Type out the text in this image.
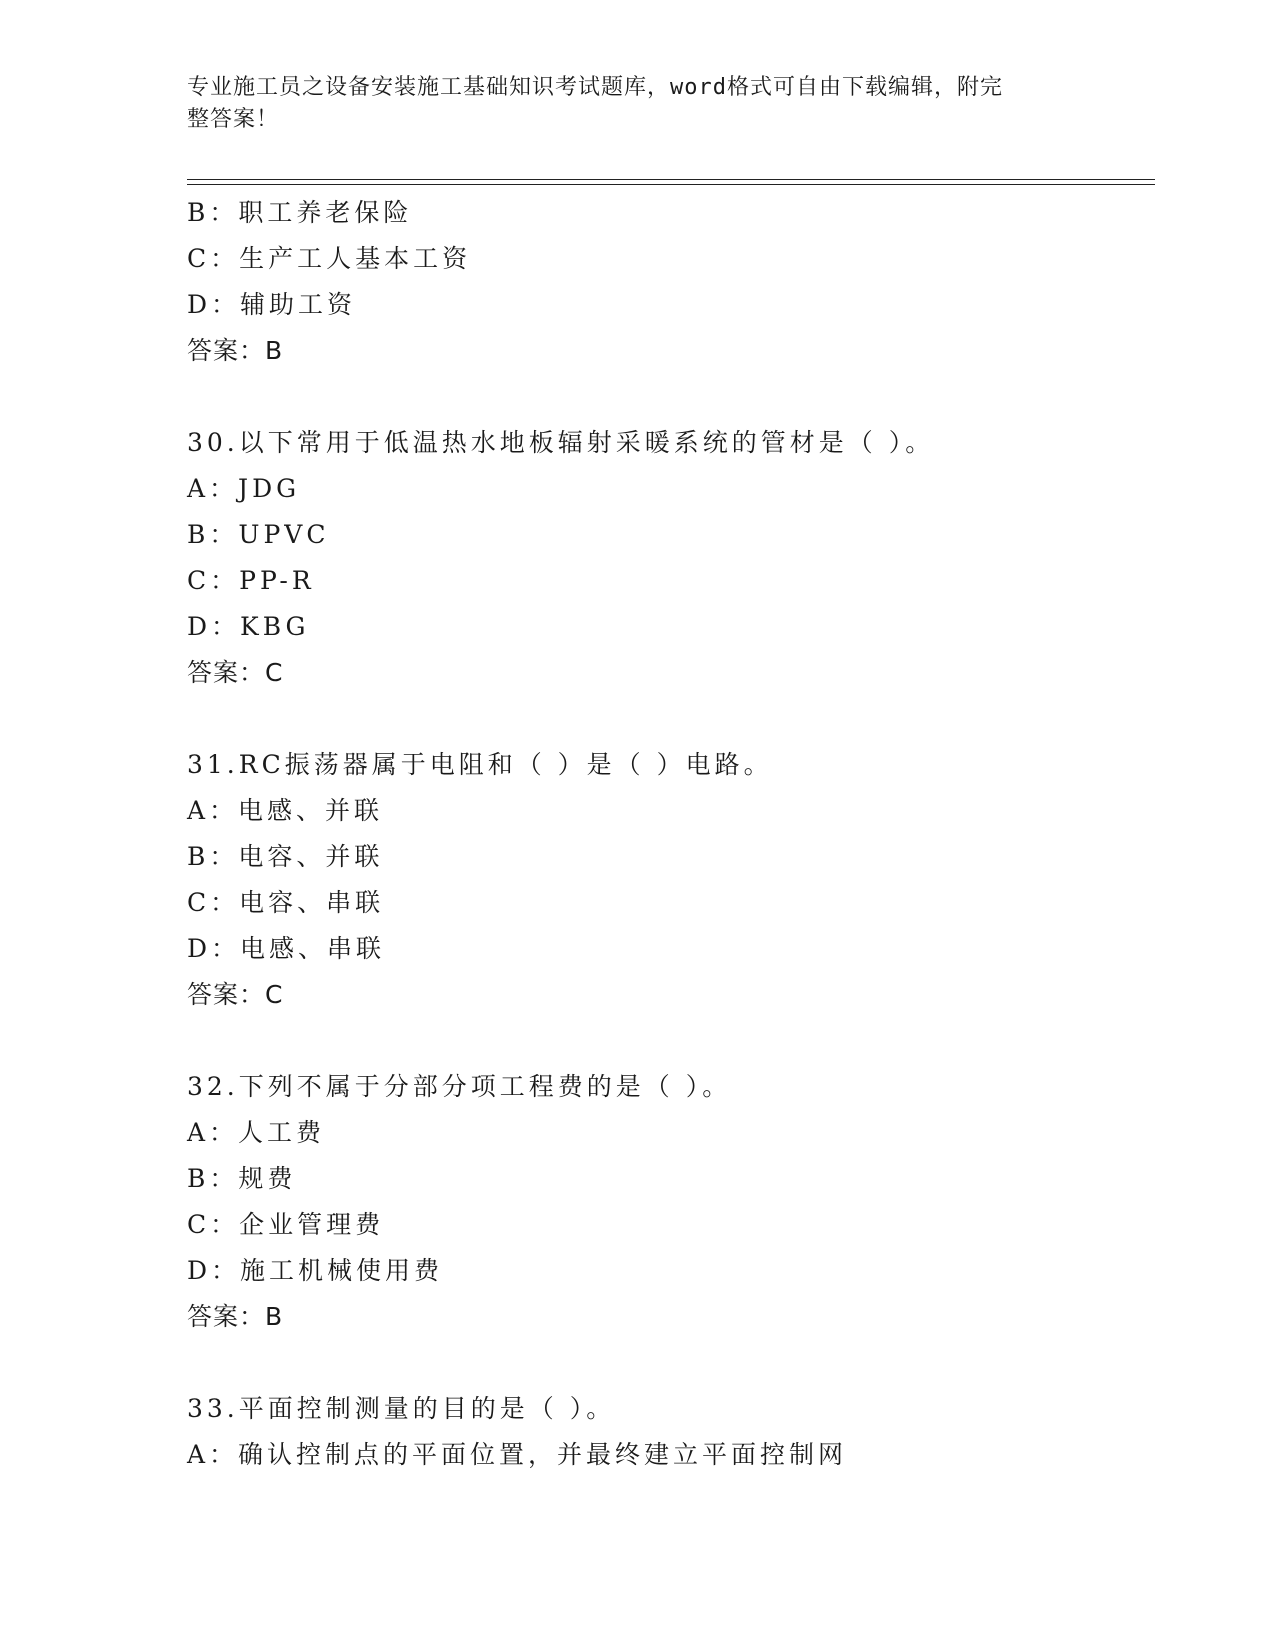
专业施工员之设备安装施工基础知识考试题库，word格式可自由下载编辑，附完
整答案！
B：职工养老保险
C：生产工人基本工资
D：辅助工资
答案：B
30.以下常用于低温热水地板辐射采暖系统的管材是（ ）。
A：JDG
B：UPVC
C：PP-R
D：KBG
答案：C
31.RC振荡器属于电阻和（ ）是（ ）电路。
A：电感、并联
B：电容、并联
C：电容、串联
D：电感、串联
答案：C
32.下列不属于分部分项工程费的是（ ）。
A：人工费
B：规费
C：企业管理费
D：施工机械使用费
答案：B
33.平面控制测量的目的是（ ）。
A：确认控制点的平面位置，并最终建立平面控制网
